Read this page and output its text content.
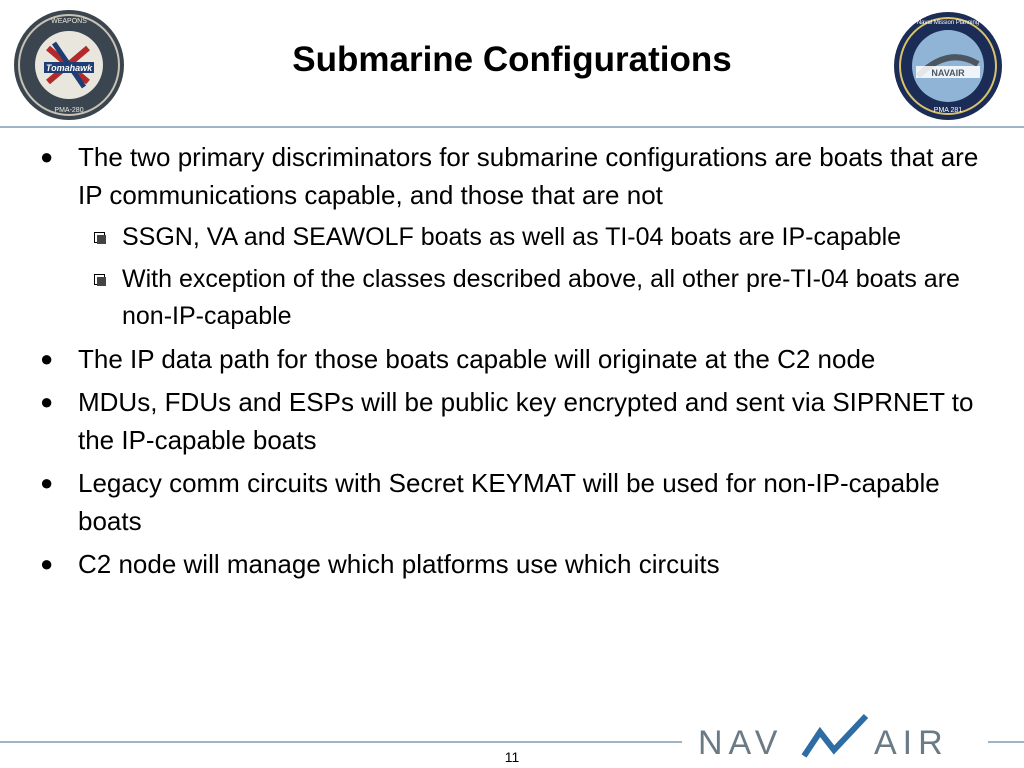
Tomahawk
PMA-280
WEAPONS
Submarine Configurations	NAVAIR
PMA 281
Naval Mission Planning
● The two primary discriminators for submarine configurations are boats that are IP communications capable, and those that are not
SSGN, VA and SEAWOLF boats as well as TI-04 boats are IP-capable
With exception of the classes described above, all other pre-TI-04 boats are non-IP-capable
● The IP data path for those boats capable will originate at the C2 node
● MDUs, FDUs and ESPs will be public key encrypted and sent via SIPRNET to the IP-capable boats
● Legacy comm circuits with Secret KEYMAT will be used for non-IP-capable boats
● C2 node will manage which platforms use which circuits
11	NAV	AIR
